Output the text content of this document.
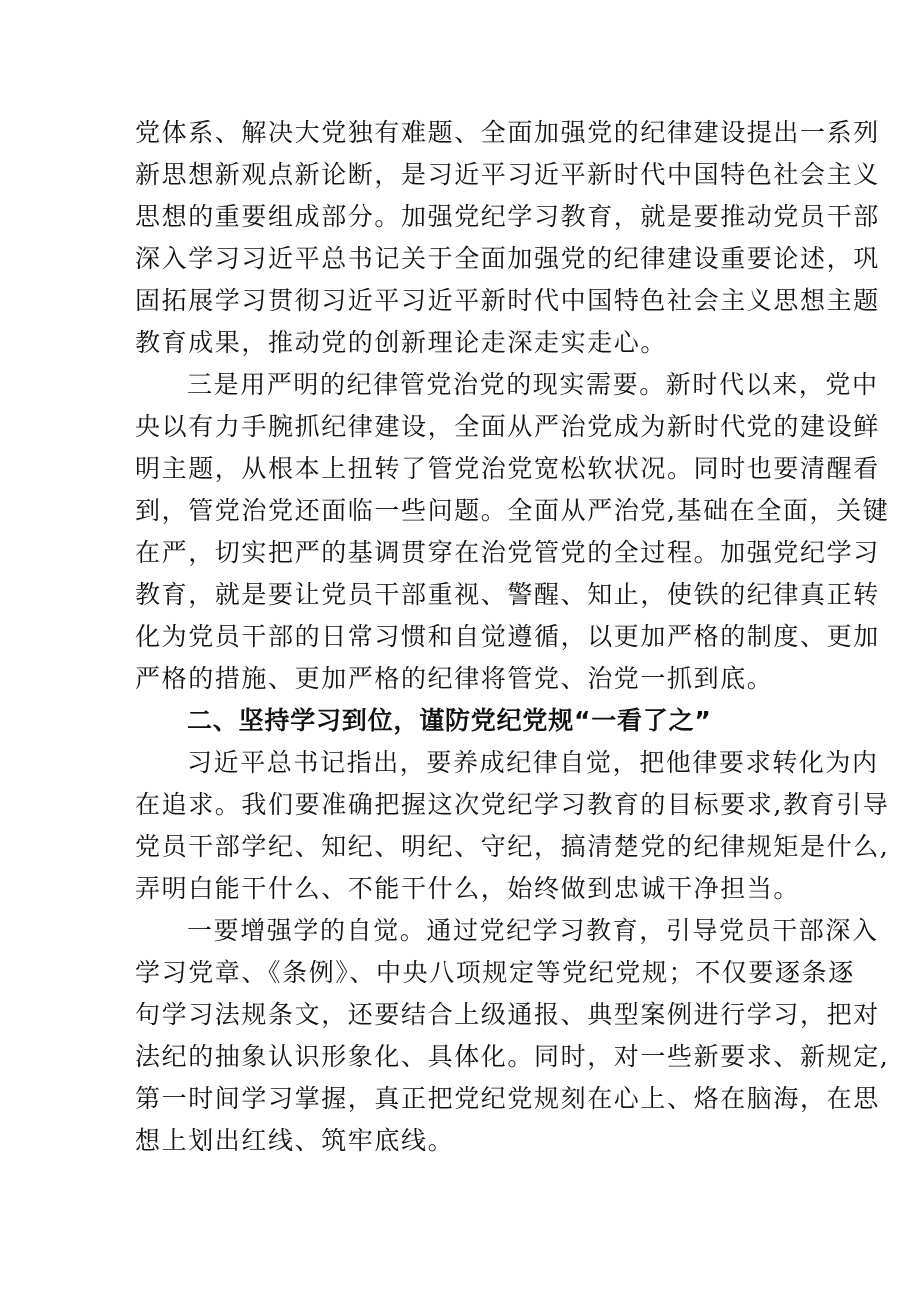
党体系、解决大党独有难题、全面加强党的纪律建设提出一系列
新思想新观点新论断，是习近平习近平新时代中国特色社会主义
思想的重要组成部分。加强党纪学习教育，就是要推动党员干部
深入学习习近平总书记关于全面加强党的纪律建设重要论述，巩
固拓展学习贯彻习近平习近平新时代中国特色社会主义思想主题
教育成果，推动党的创新理论走深走实走心。
三是用严明的纪律管党治党的现实需要。新时代以来，党中
央以有力手腕抓纪律建设，全面从严治党成为新时代党的建设鲜
明主题，从根本上扭转了管党治党宽松软状况。同时也要清醒看
到，管党治党还面临一些问题。全面从严治党,基础在全面，关键
在严，切实把严的基调贯穿在治党管党的全过程。加强党纪学习
教育，就是要让党员干部重视、警醒、知止，使铁的纪律真正转
化为党员干部的日常习惯和自觉遵循，以更加严格的制度、更加
严格的措施、更加严格的纪律将管党、治党一抓到底。
二、坚持学习到位，谨防党纪党规“一看了之”
习近平总书记指出，要养成纪律自觉，把他律要求转化为内
在追求。我们要准确把握这次党纪学习教育的目标要求,教育引导
党员干部学纪、知纪、明纪、守纪，搞清楚党的纪律规矩是什么,
弄明白能干什么、不能干什么，始终做到忠诚干净担当。
一要增强学的自觉。通过党纪学习教育，引导党员干部深入
学习党章、《条例》、中央八项规定等党纪党规；不仅要逐条逐
句学习法规条文，还要结合上级通报、典型案例进行学习，把对
法纪的抽象认识形象化、具体化。同时，对一些新要求、新规定,
第一时间学习掌握，真正把党纪党规刻在心上、烙在脑海，在思
想上划出红线、筑牢底线。
